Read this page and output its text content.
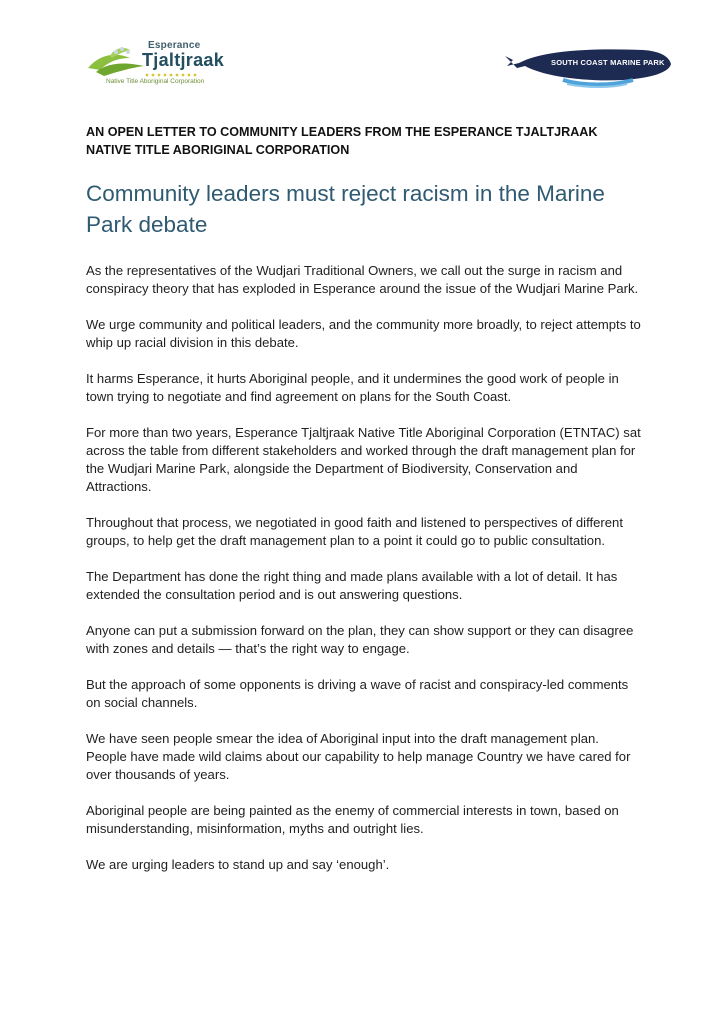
Esperance
Tjaltjraak
Native Title Aboriginal Corporation
SOUTH COAST MARINE PARK
AN OPEN LETTER TO COMMUNITY LEADERS FROM THE ESPERANCE TJALTJRAAK NATIVE TITLE ABORIGINAL CORPORATION
Community leaders must reject racism in the Marine Park debate

As the representatives of the Wudjari Traditional Owners, we call out the surge in racism and conspiracy theory that has exploded in Esperance around the issue of the Wudjari Marine Park.

We urge community and political leaders, and the community more broadly, to reject attempts to whip up racial division in this debate.

It harms Esperance, it hurts Aboriginal people, and it undermines the good work of people in town trying to negotiate and find agreement on plans for the South Coast.

For more than two years, Esperance Tjaltjraak Native Title Aboriginal Corporation (ETNTAC) sat across the table from different stakeholders and worked through the draft management plan for the Wudjari Marine Park, alongside the Department of Biodiversity, Conservation and Attractions.

Throughout that process, we negotiated in good faith and listened to perspectives of different groups, to help get the draft management plan to a point it could go to public consultation.

The Department has done the right thing and made plans available with a lot of detail. It has extended the consultation period and is out answering questions.

Anyone can put a submission forward on the plan, they can show support or they can disagree with zones and details — that’s the right way to engage.

But the approach of some opponents is driving a wave of racist and conspiracy-led comments on social channels.

We have seen people smear the idea of Aboriginal input into the draft management plan. People have made wild claims about our capability to help manage Country we have cared for over thousands of years.

Aboriginal people are being painted as the enemy of commercial interests in town, based on misunderstanding, misinformation, myths and outright lies.

We are urging leaders to stand up and say ‘enough’.
